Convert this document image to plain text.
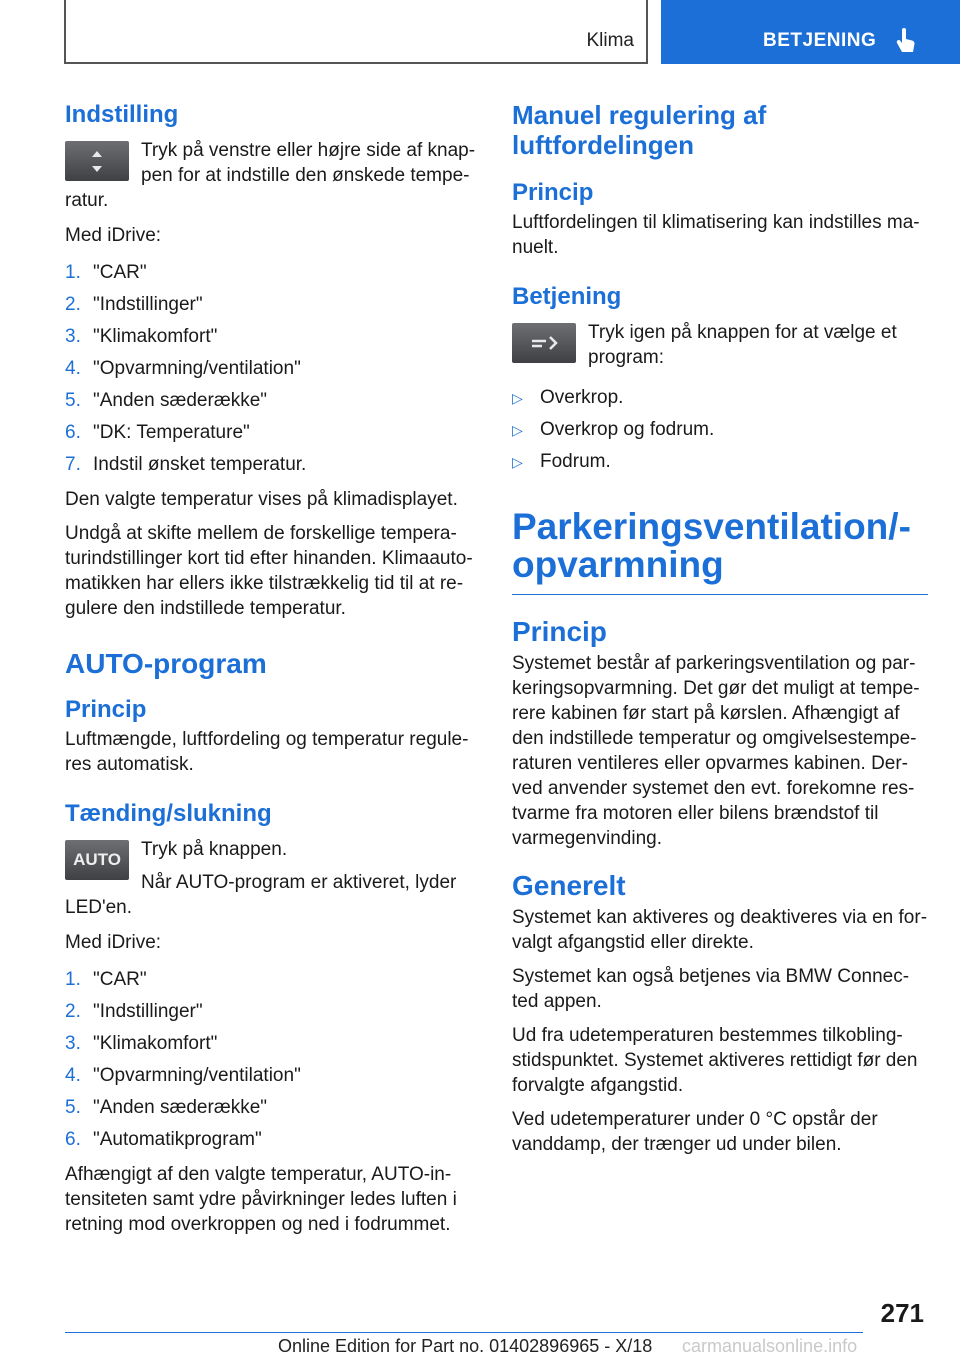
Klima	BETJENING
Indstilling

Tryk på venstre eller højre side af knap-pen for at indstille den ønskede tempe-ratur.

Med iDrive:

1. "CAR"
2. "Indstillinger"
3. "Klimakomfort"
4. "Opvarmning/ventilation"
5. "Anden sæderække"
6. "DK: Temperature"
7. Indstil ønsket temperatur.

Den valgte temperatur vises på klimadisplayet.

Undgå at skifte mellem de forskellige tempera-turindstillinger kort tid efter hinanden. Klimaauto-matikken har ellers ikke tilstrækkelig tid til at re-gulere den indstillede temperatur.

AUTO-program
Princip

Luftmængde, luftfordeling og temperatur regule-res automatisk.

Tænding/slukning
AUTO	Tryk på knappen.

Når AUTO-program er aktiveret, lyder LED'en.

Med iDrive:

1. "CAR"
2. "Indstillinger"
3. "Klimakomfort"
4. "Opvarmning/ventilation"
5. "Anden sæderække"
6. "Automatikprogram"

Afhængigt af den valgte temperatur, AUTO-in-tensiteten samt ydre påvirkninger ledes luften i retning mod overkroppen og ned i fodrummet.

Manuel regulering af luftfordelingen
Princip

Luftfordelingen til klimatisering kan indstilles ma-nuelt.

Betjening

Tryk igen på knappen for at vælge et program:

▷ Overkrop.
▷ Overkrop og fodrum.
▷ Fodrum.
Parkeringsventilation/-opvarmning
Princip

Systemet består af parkeringsventilation og par-keringsopvarmning. Det gør det muligt at tempe-rere kabinen før start på kørslen. Afhængigt af den indstillede temperatur og omgivelsestempe-raturen ventileres eller opvarmes kabinen. Der-ved anvender systemet den evt. forekomne res-tvarme fra motoren eller bilens brændstof til varmegenvinding.

Generelt

Systemet kan aktiveres og deaktiveres via en for-valgt afgangstid eller direkte.

Systemet kan også betjenes via BMW Connec-ted appen.

Ud fra udetemperaturen bestemmes tilkobling-stidspunktet. Systemet aktiveres rettidigt før den forvalgte afgangstid.

Ved udetemperaturer under 0 °C opstår der vanddamp, der trænger ud under bilen.

271
Online Edition for Part no. 01402896965 - X/18 carmanualsonline.info
